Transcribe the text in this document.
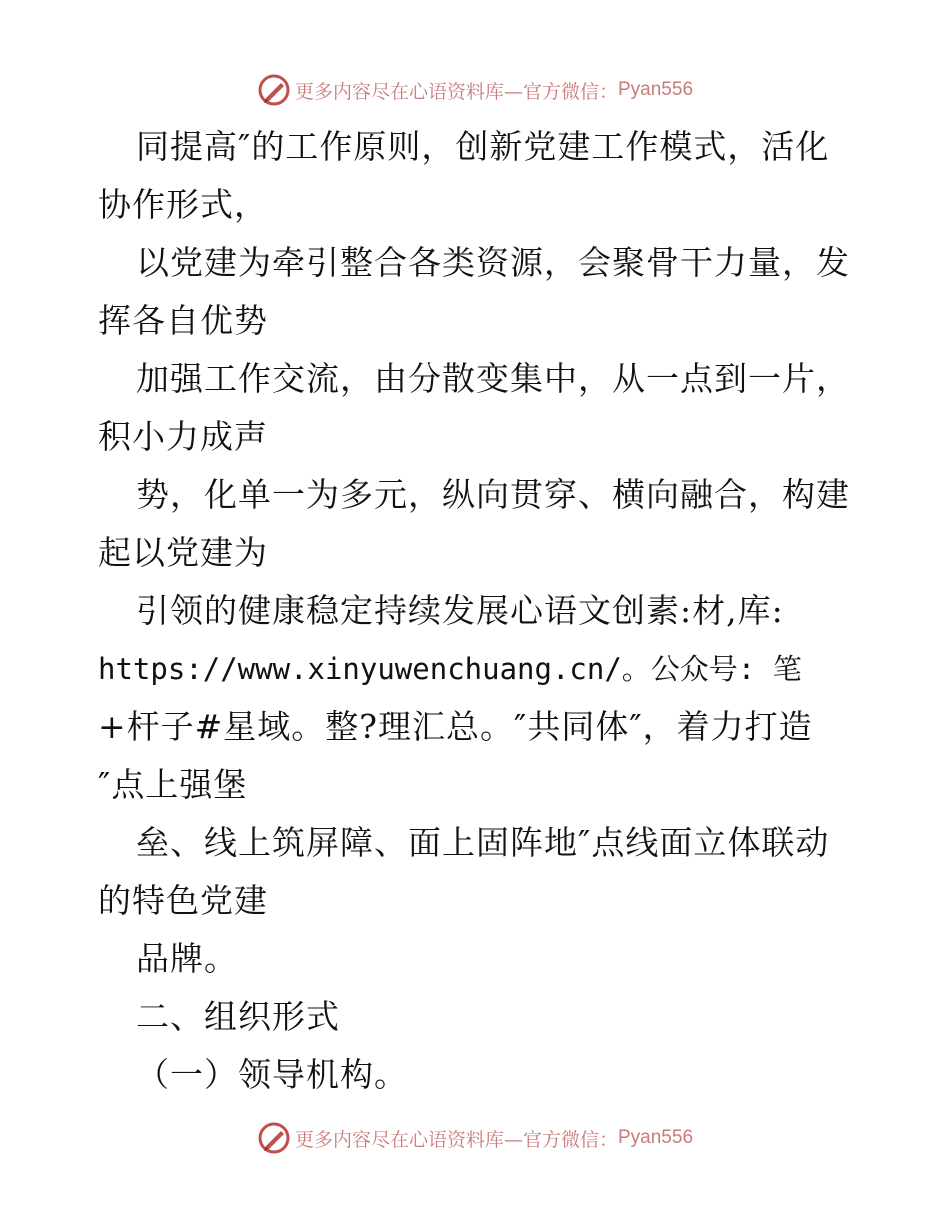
更多内容尽在心语资料库—官方微信： Pyan556
同提高″的工作原则，创新党建工作模式，活化
协作形式，
以党建为牵引整合各类资源，会聚骨干力量，发
挥各自优势
加强工作交流，由分散变集中，从一点到一片，
积小力成声
势，化单一为多元，纵向贯穿、横向融合，构建
起以党建为
引领的健康稳定持续发展心语文创素:材,库:
https://www.xinyuwenchuang.cn/。公众号: 笔
+杆子#星域。整?理汇总。″共同体″，着力打造
″点上强堡
垒、线上筑屏障、面上固阵地″点线面立体联动
的特色党建
品牌。
二、组织形式
（一）领导机构。
更多内容尽在心语资料库—官方微信： Pyan556
